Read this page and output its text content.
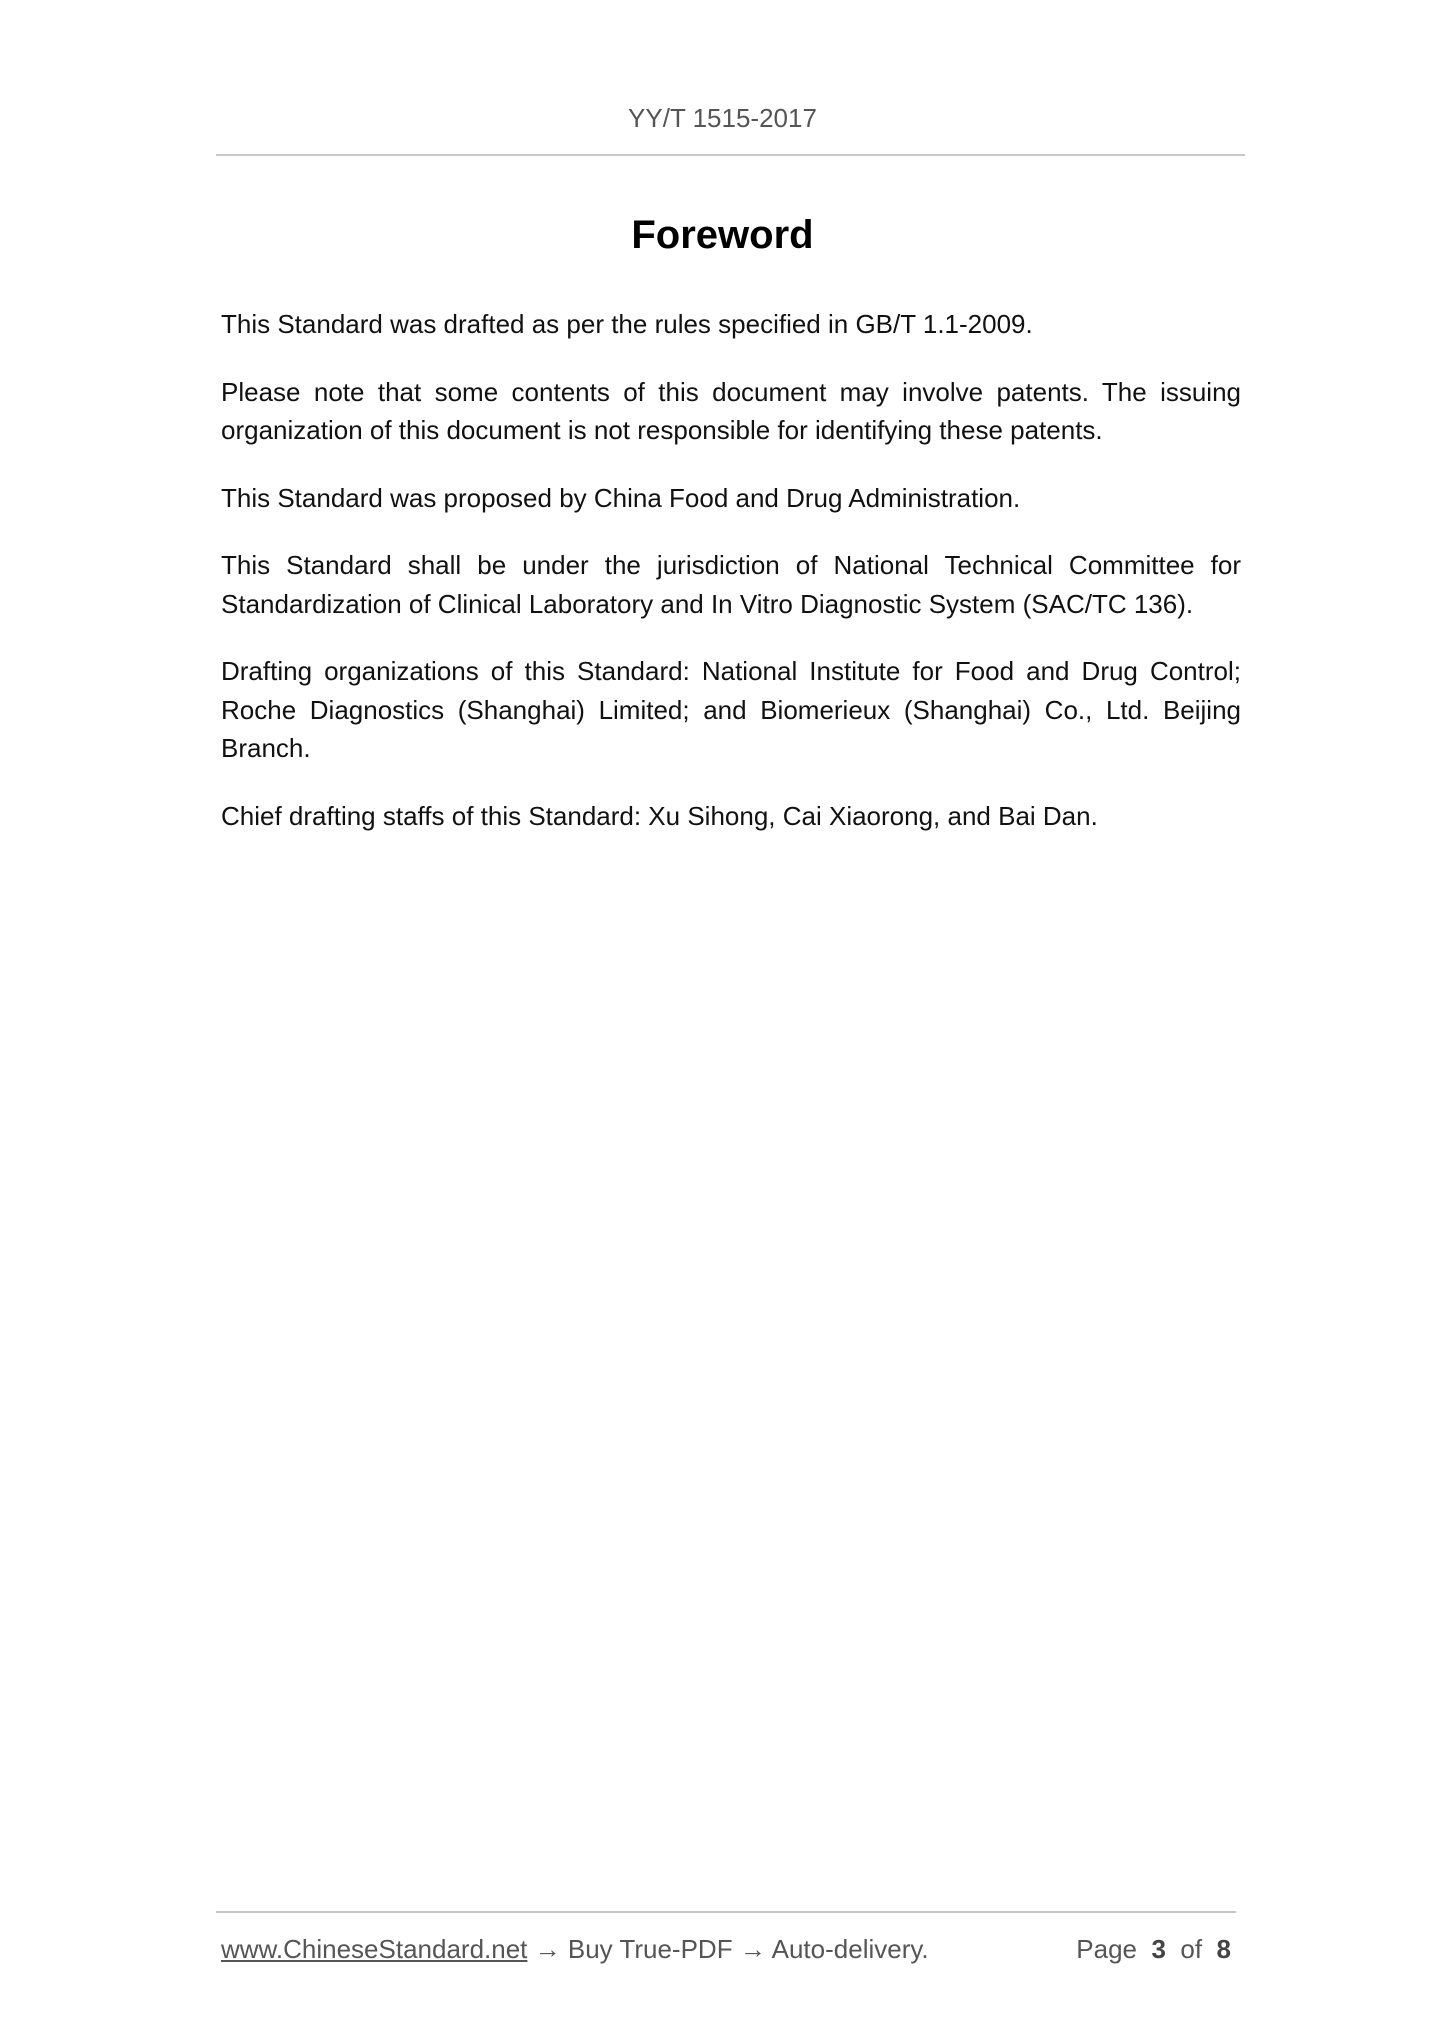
YY/T 1515-2017
Foreword

This Standard was drafted as per the rules specified in GB/T 1.1-2009.

Please note that some contents of this document may involve patents. The issuing organization of this document is not responsible for identifying these patents.

This Standard was proposed by China Food and Drug Administration.

This Standard shall be under the jurisdiction of National Technical Committee for Standardization of Clinical Laboratory and In Vitro Diagnostic System (SAC/TC 136).

Drafting organizations of this Standard: National Institute for Food and Drug Control; Roche Diagnostics (Shanghai) Limited; and Biomerieux (Shanghai) Co., Ltd. Beijing Branch.

Chief drafting staffs of this Standard: Xu Sihong, Cai Xiaorong, and Bai Dan.

www.ChineseStandard.net → Buy True-PDF → Auto-delivery.	Page 3 of 8
